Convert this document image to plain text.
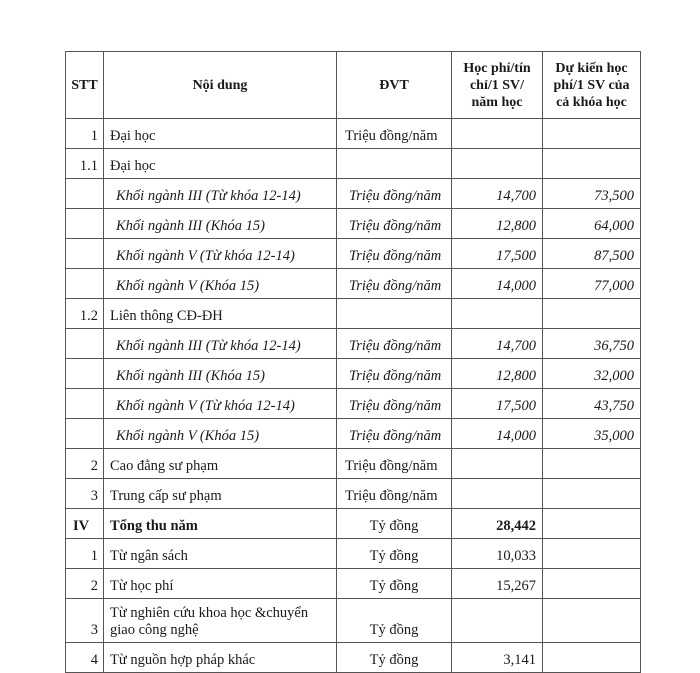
STT	Nội dung	ĐVT	Học phí/tín chỉ/1 SV/ năm học	Dự kiến học phí/1 SV của cả khóa học
1	Đại học	Triệu đồng/năm		
1.1	Đại học			
	Khối ngành III (Từ khóa 12-14)	Triệu đồng/năm	14,700	73,500
	Khối ngành III (Khóa 15)	Triệu đồng/năm	12,800	64,000
	Khối ngành V (Từ khóa 12-14)	Triệu đồng/năm	17,500	87,500
	Khối ngành V (Khóa 15)	Triệu đồng/năm	14,000	77,000
1.2	Liên thông CĐ-ĐH			
	Khối ngành III (Từ khóa 12-14)	Triệu đồng/năm	14,700	36,750
	Khối ngành III (Khóa 15)	Triệu đồng/năm	12,800	32,000
	Khối ngành V (Từ khóa 12-14)	Triệu đồng/năm	17,500	43,750
	Khối ngành V (Khóa 15)	Triệu đồng/năm	14,000	35,000
2	Cao đẳng sư phạm	Triệu đồng/năm		
3	Trung cấp sư phạm	Triệu đồng/năm		
IV	Tổng thu năm	Tỷ đồng	28,442	
1	Từ ngân sách	Tỷ đồng	10,033	
2	Từ học phí	Tỷ đồng	15,267	
3	Từ nghiên cứu khoa học &chuyển giao công nghệ	Tỷ đồng		
4	Từ nguồn hợp pháp khác	Tỷ đồng	3,141	
